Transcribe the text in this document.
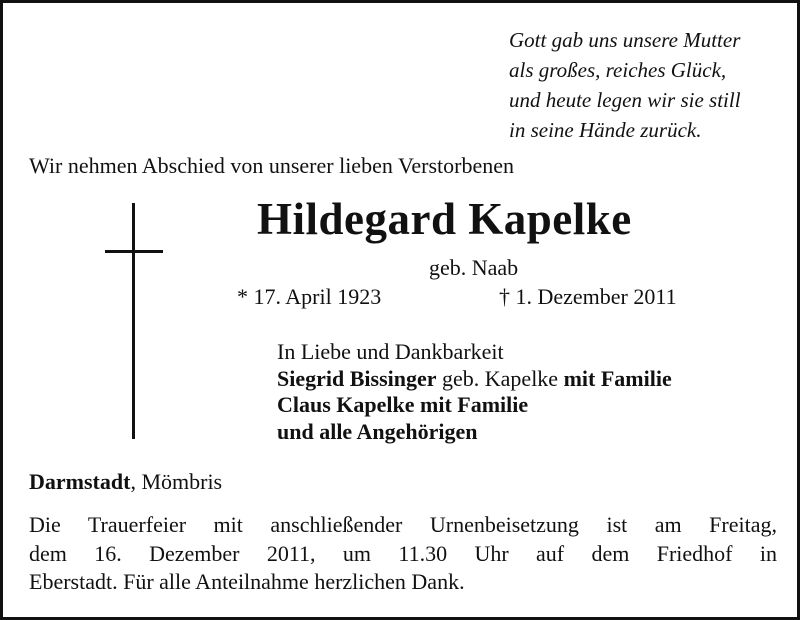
Gott gab uns unsere Mutter
als großes, reiches Glück,
und heute legen wir sie still
in seine Hände zurück.
Wir nehmen Abschied von unserer lieben Verstorbenen
Hildegard Kapelke
geb. Naab
* 17. April 1923	† 1. Dezember 2011
In Liebe und Dankbarkeit
Siegrid Bissinger geb. Kapelke mit Familie
Claus Kapelke mit Familie
und alle Angehörigen
Darmstadt, Mömbris
Die Trauerfeier mit anschließender Urnenbeisetzung ist am Freitag,
dem 16. Dezember 2011, um 11.30 Uhr auf dem Friedhof in
Eberstadt. Für alle Anteilnahme herzlichen Dank.
